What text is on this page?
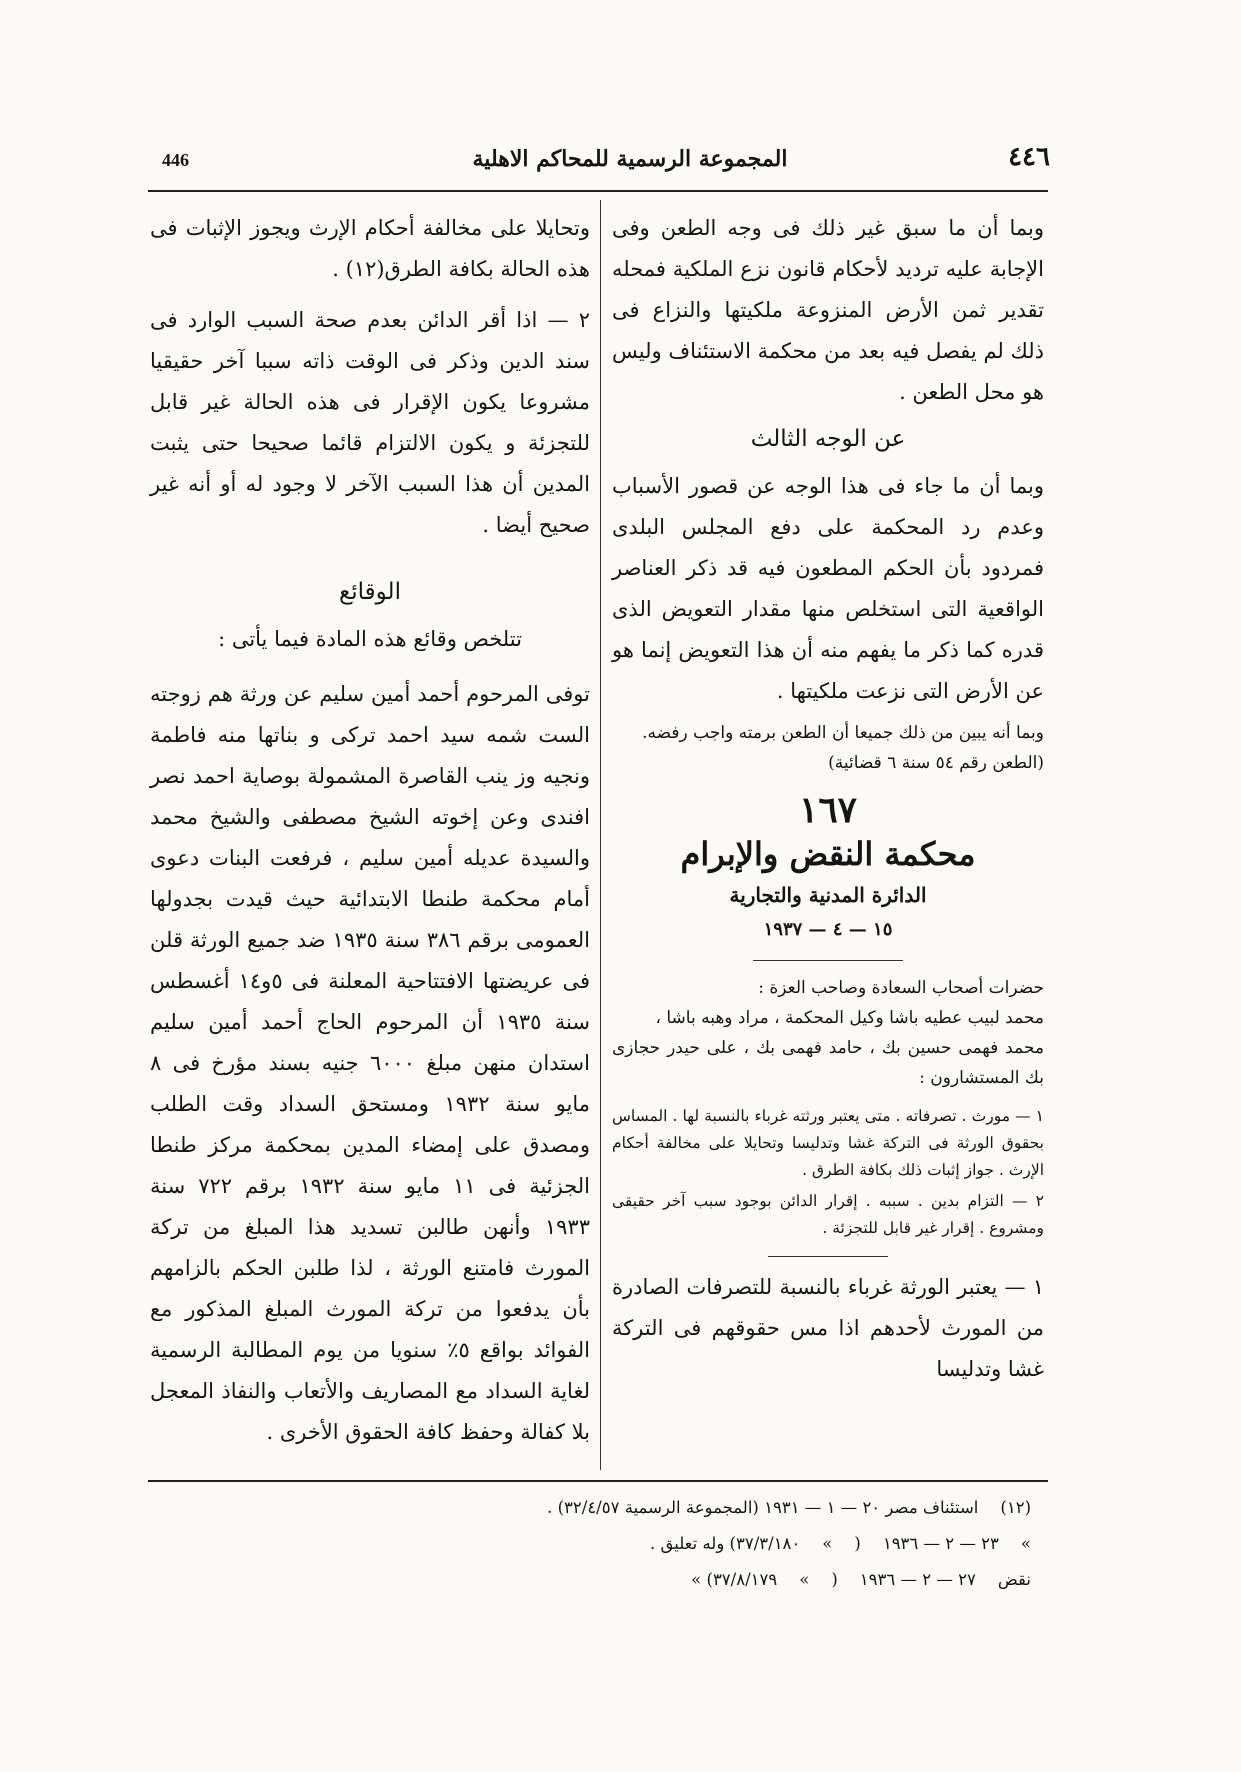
446	المجموعة الرسمية للمحاكم الاهلية	٤٤٦

وبما أن ما سبق غير ذلك فى وجه الطعن وفى الإجابة عليه ترديد لأحكام قانون نزع الملكية فمحله تقدير ثمن الأرض المنزوعة ملكيتها والنزاع فى ذلك لم يفصل فيه بعد من محكمة الاستئناف وليس هو محل الطعن .

عن الوجه الثالث

وبما أن ما جاء فى هذا الوجه عن قصور الأسباب وعدم رد المحكمة على دفع المجلس البلدى فمردود بأن الحكم المطعون فيه قد ذكر العناصر الواقعية التى استخلص منها مقدار التعويض الذى قدره كما ذكر ما يفهم منه أن هذا التعويض إنما هو عن الأرض التى نزعت ملكيتها .

وبما أنه يبين من ذلك جميعا أن الطعن برمته واجب رفضه.

(الطعن رقم ٥٤ سنة ٦ قضائية)

١٦٧
محكمة النقض والإبرام
الدائرة المدنية والتجارية
١٥ — ٤ — ١٩٣٧

حضرات أصحاب السعادة وصاحب العزة :

محمد لبيب عطيه باشا وكيل المحكمة ، مراد وهبه باشا ،

محمد فهمى حسين بك ، حامد فهمى بك ، على حيدر حجازى بك المستشارون :

١ — مورث . تصرفاته . متى يعتبر ورثته غرباء بالنسبة لها . المساس بحقوق الورثة فى التركة غشا وتدليسا وتحايلا على مخالفة أحكام الإرث . جواز إثبات ذلك بكافة الطرق .

٢ — التزام بدين . سببه . إقرار الدائن بوجود سبب آخر حقيقى ومشروع . إقرار غير قابل للتجزئة .

١ — يعتبر الورثة غرباء بالنسبة للتصرفات الصادرة من المورث لأحدهم اذا مس حقوقهم فى التركة غشا وتدليسا

وتحايلا على مخالفة أحكام الإرث ويجوز الإثبات فى هذه الحالة بكافة الطرق(١٢) .

٢ — اذا أقر الدائن بعدم صحة السبب الوارد فى سند الدين وذكر فى الوقت ذاته سببا آخر حقيقيا مشروعا يكون الإقرار فى هذه الحالة غير قابل للتجزئة و يكون الالتزام قائما صحيحا حتى يثبت المدين أن هذا السبب الآخر لا وجود له أو أنه غير صحيح أيضا .

الوقائع

تتلخص وقائع هذه المادة فيما يأتى :

توفى المرحوم أحمد أمين سليم عن ورثة هم زوجته الست شمه سيد احمد تركى و بناتها منه فاطمة ونجيه وز ينب القاصرة المشمولة بوصاية احمد نصر افندى وعن إخوته الشيخ مصطفى والشيخ محمد والسيدة عديله أمين سليم ، فرفعت البنات دعوى أمام محكمة طنطا الابتدائية حيث قيدت بجدولها العمومى برقم ٣٨٦ سنة ١٩٣٥ ضد جميع الورثة قلن فى عريضتها الافتتاحية المعلنة فى ٥و١٤ أغسطس سنة ١٩٣٥ أن المرحوم الحاج أحمد أمين سليم استدان منهن مبلغ ٦٠٠٠ جنيه بسند مؤرخ فى ٨ مايو سنة ١٩٣٢ ومستحق السداد وقت الطلب ومصدق على إمضاء المدين بمحكمة مركز طنطا الجزئية فى ١١ مايو سنة ١٩٣٢ برقم ٧٢٢ سنة ١٩٣٣ وأنهن طالبن تسديد هذا المبلغ من تركة المورث فامتنع الورثة ، لذا طلبن الحكم بالزامهم بأن يدفعوا من تركة المورث المبلغ المذكور مع الفوائد بواقع ٥٪ سنويا من يوم المطالبة الرسمية لغاية السداد مع المصاريف والأتعاب والنفاذ المعجل بلا كفالة وحفظ كافة الحقوق الأخرى .

(١٢)
استئناف مصر ٢٠ — ١ — ١٩٣١ (المجموعة الرسمية ٣٢/٤/٥٧) .
»
٢٣ — ٢ — ١٩٣٦
(
»
٣٧/٣/١٨٠) وله تعليق .
نقض
٢٧ — ٢ — ١٩٣٦
(
»
٣٧/٨/١٧٩) »
